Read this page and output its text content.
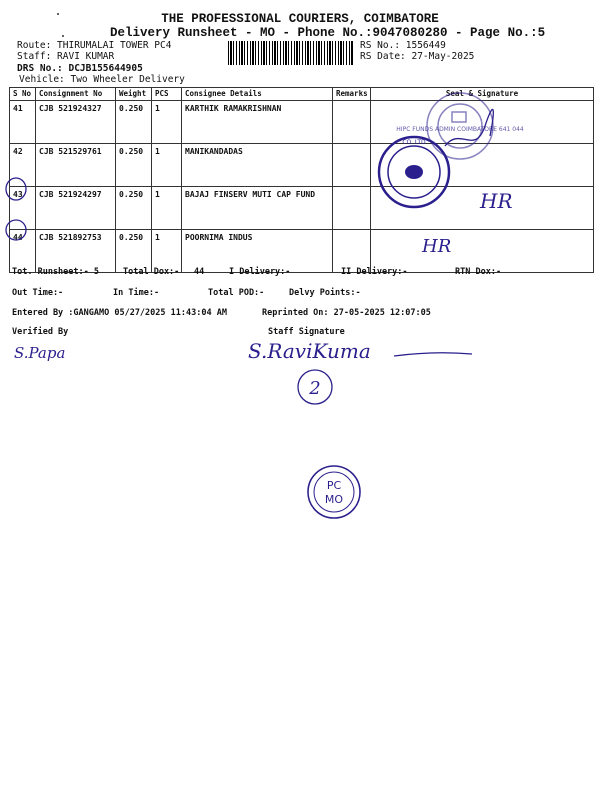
THE PROFESSIONAL COURIERS, COIMBATORE
Delivery Runsheet - MO - Phone No.:9047080280 - Page No.:5
Route: THIRUMALAI TOWER PC4
Staff: RAVI KUMAR
DRS No.: DCJB155644905
Vehicle: Two Wheeler Delivery
RS No.: 1556449
RS Date: 27-May-2025
S No	Consignment No	Weight	PCS	Consignee Details	Remarks	Seal & Signature
41	CJB 521924327	0.250	1	KARTHIK RAMAKRISHNAN		
42	CJB 521529761	0.250	1	MANIKANDADAS		
43	CJB 521924297	0.250	1	BAJAJ FINSERV MUTI CAP FUND		
44	CJB 521892753	0.250	1	POORNIMA INDUS		
HIPC FUNDS ADMIN COIMBATORE 641 044
CO. LTD
HR
HR
Tot. Runsheet:- 5	Total Dox:- 44	I Delivery:-	II Delivery:-	RTN Dox:-
Out Time:-	In Time:-	Total POD:-	Delvy Points:-
Entered By :GANGAMO 05/27/2025 11:43:04 AM	Reprinted On: 27-05-2025 12:07:05
Verified By	Staff Signature
S.Papa	S.RaviKuma
2
PC
MO
